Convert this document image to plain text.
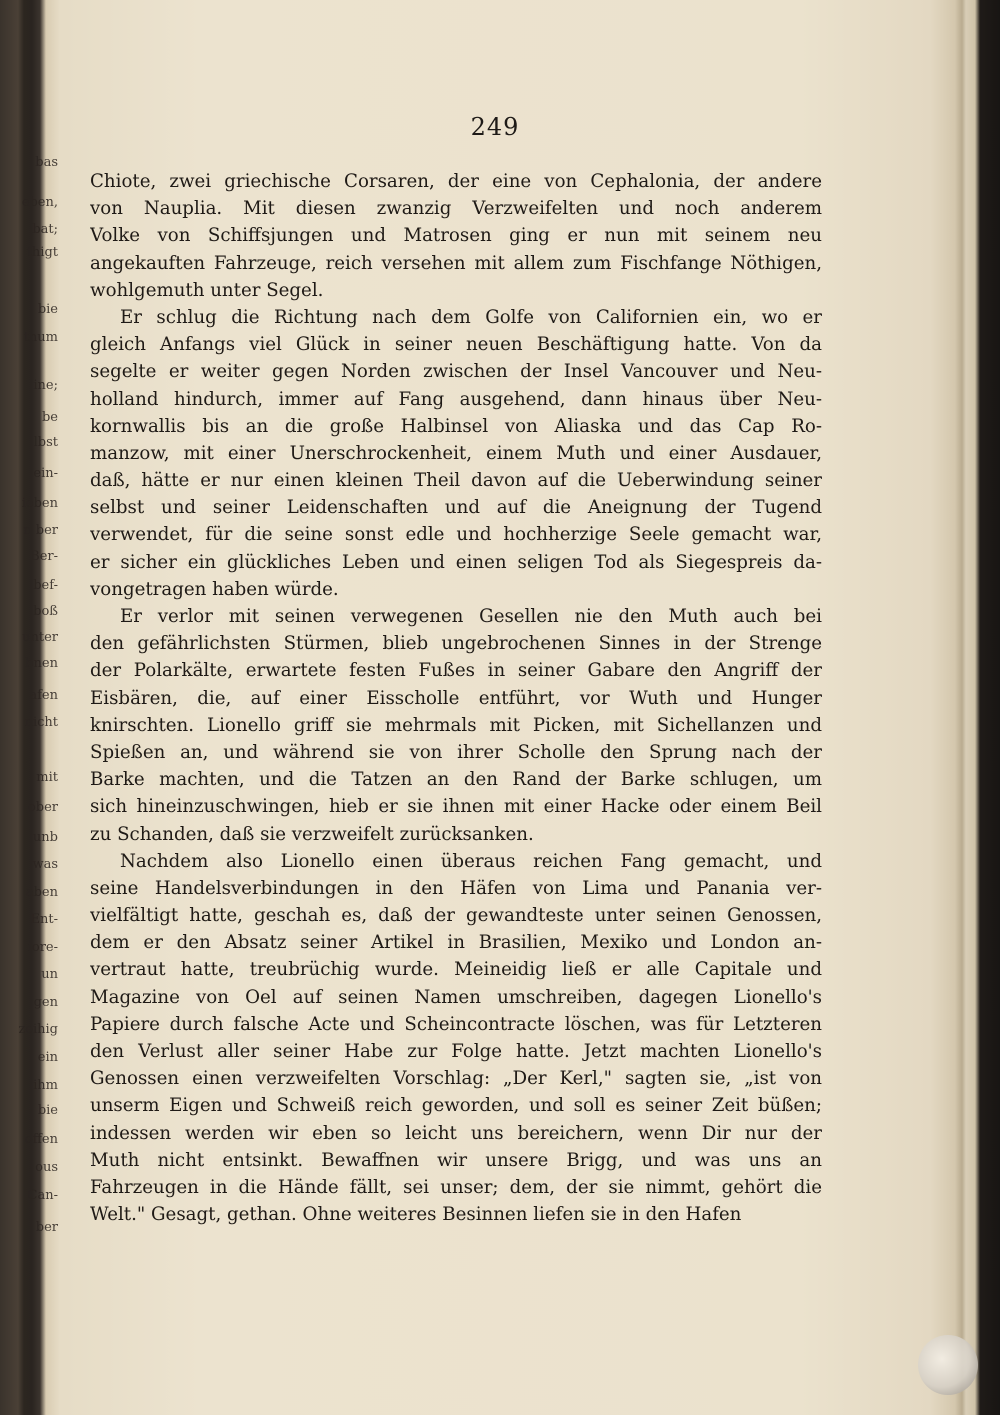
bas
eben,
bat;
thigt
bie
thum
ine;
be
lbst
ein-
ieben
n ber
Ber-
bef-
boß
unter
bnen
afen
nicht
mit
ober
unb
was
aben
Ent-
iore-
un
gen
zeihig
ein
ihm
bie
offen
ous
Can-
ber
249
Chiote, zwei griechische Corsaren, der eine von Cephalonia, der andere
von Nauplia. Mit diesen zwanzig Verzweifelten und noch anderem
Volke von Schiffsjungen und Matrosen ging er nun mit seinem neu
angekauften Fahrzeuge, reich versehen mit allem zum Fischfange Nöthigen,
wohlgemuth unter Segel.
Er schlug die Richtung nach dem Golfe von Californien ein, wo er
gleich Anfangs viel Glück in seiner neuen Beschäftigung hatte. Von da
segelte er weiter gegen Norden zwischen der Insel Vancouver und Neu-
holland hindurch, immer auf Fang ausgehend, dann hinaus über Neu-
kornwallis bis an die große Halbinsel von Aliaska und das Cap Ro-
manzow, mit einer Unerschrockenheit, einem Muth und einer Ausdauer,
daß, hätte er nur einen kleinen Theil davon auf die Ueberwindung seiner
selbst und seiner Leidenschaften und auf die Aneignung der Tugend
verwendet, für die seine sonst edle und hochherzige Seele gemacht war,
er sicher ein glückliches Leben und einen seligen Tod als Siegespreis da-
vongetragen haben würde.
Er verlor mit seinen verwegenen Gesellen nie den Muth auch bei
den gefährlichsten Stürmen, blieb ungebrochenen Sinnes in der Strenge
der Polarkälte, erwartete festen Fußes in seiner Gabare den Angriff der
Eisbären, die, auf einer Eisscholle entführt, vor Wuth und Hunger
knirschten. Lionello griff sie mehrmals mit Picken, mit Sichellanzen und
Spießen an, und während sie von ihrer Scholle den Sprung nach der
Barke machten, und die Tatzen an den Rand der Barke schlugen, um
sich hineinzuschwingen, hieb er sie ihnen mit einer Hacke oder einem Beil
zu Schanden, daß sie verzweifelt zurücksanken.
Nachdem also Lionello einen überaus reichen Fang gemacht, und
seine Handelsverbindungen in den Häfen von Lima und Panania ver-
vielfältigt hatte, geschah es, daß der gewandteste unter seinen Genossen,
dem er den Absatz seiner Artikel in Brasilien, Mexiko und London an-
vertraut hatte, treubrüchig wurde. Meineidig ließ er alle Capitale und
Magazine von Oel auf seinen Namen umschreiben, dagegen Lionello's
Papiere durch falsche Acte und Scheincontracte löschen, was für Letzteren
den Verlust aller seiner Habe zur Folge hatte. Jetzt machten Lionello's
Genossen einen verzweifelten Vorschlag: „Der Kerl," sagten sie, „ist von
unserm Eigen und Schweiß reich geworden, und soll es seiner Zeit büßen;
indessen werden wir eben so leicht uns bereichern, wenn Dir nur der
Muth nicht entsinkt. Bewaffnen wir unsere Brigg, und was uns an
Fahrzeugen in die Hände fällt, sei unser; dem, der sie nimmt, gehört die
Welt." Gesagt, gethan. Ohne weiteres Besinnen liefen sie in den Hafen
